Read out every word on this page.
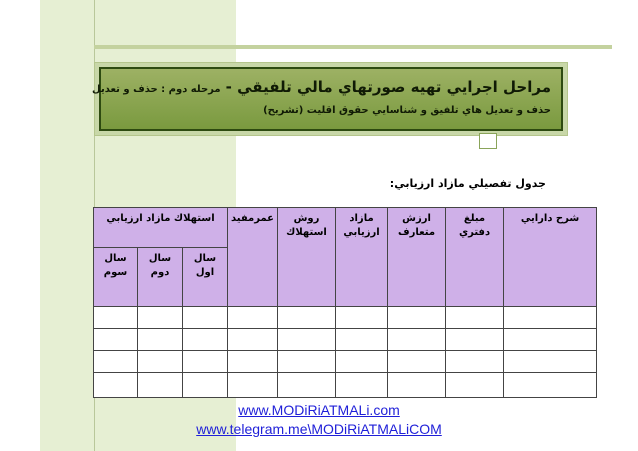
مراحل اجرايي تهيه صورتهاي مالي تلفيقي - مرحله دوم : حذف و تعديل
حذف و تعديل هاي تلفيق و شناسايي حقوق اقليت (تشريح)
جدول تفصيلي مازاد ارزيابي:
شرح دارايي	مبلغ دفتري	ارزش متعارف	مازاد ارزيابي	روش استهلاك	عمرمفيد	استهلاك مازاد ارزيابي		
						سال اول	سال دوم	سال سوم

www.MODiRiATMALi.com
www.telegram.me\MODiRiATMALiCOM
